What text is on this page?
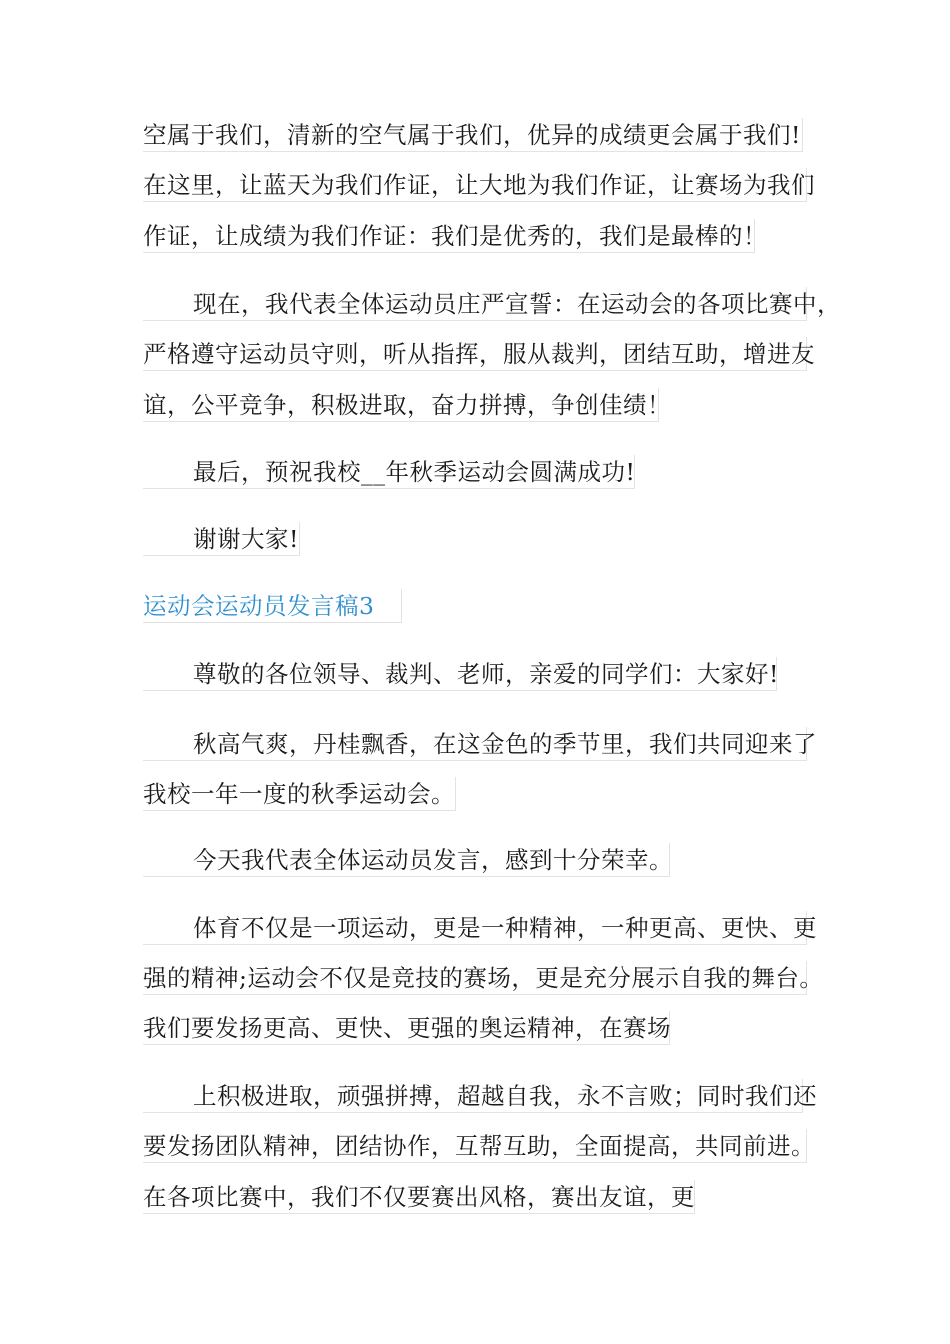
空属于我们，清新的空气属于我们，优异的成绩更会属于我们!
在这里，让蓝天为我们作证，让大地为我们作证，让赛场为我们
作证，让成绩为我们作证：我们是优秀的，我们是最棒的！
现在，我代表全体运动员庄严宣誓：在运动会的各项比赛中，
严格遵守运动员守则，听从指挥，服从裁判，团结互助，增进友
谊，公平竞争，积极进取，奋力拼搏，争创佳绩！
最后，预祝我校__年秋季运动会圆满成功!
谢谢大家!
运动会运动员发言稿3
尊敬的各位领导、裁判、老师，亲爱的同学们：大家好!
秋高气爽，丹桂飘香，在这金色的季节里，我们共同迎来了
我校一年一度的秋季运动会。
今天我代表全体运动员发言，感到十分荣幸。
体育不仅是一项运动，更是一种精神，一种更高、更快、更
强的精神;运动会不仅是竞技的赛场，更是充分展示自我的舞台。
我们要发扬更高、更快、更强的奥运精神，在赛场
上积极进取，顽强拼搏，超越自我，永不言败；同时我们还
要发扬团队精神，团结协作，互帮互助，全面提高，共同前进。
在各项比赛中，我们不仅要赛出风格，赛出友谊，更
